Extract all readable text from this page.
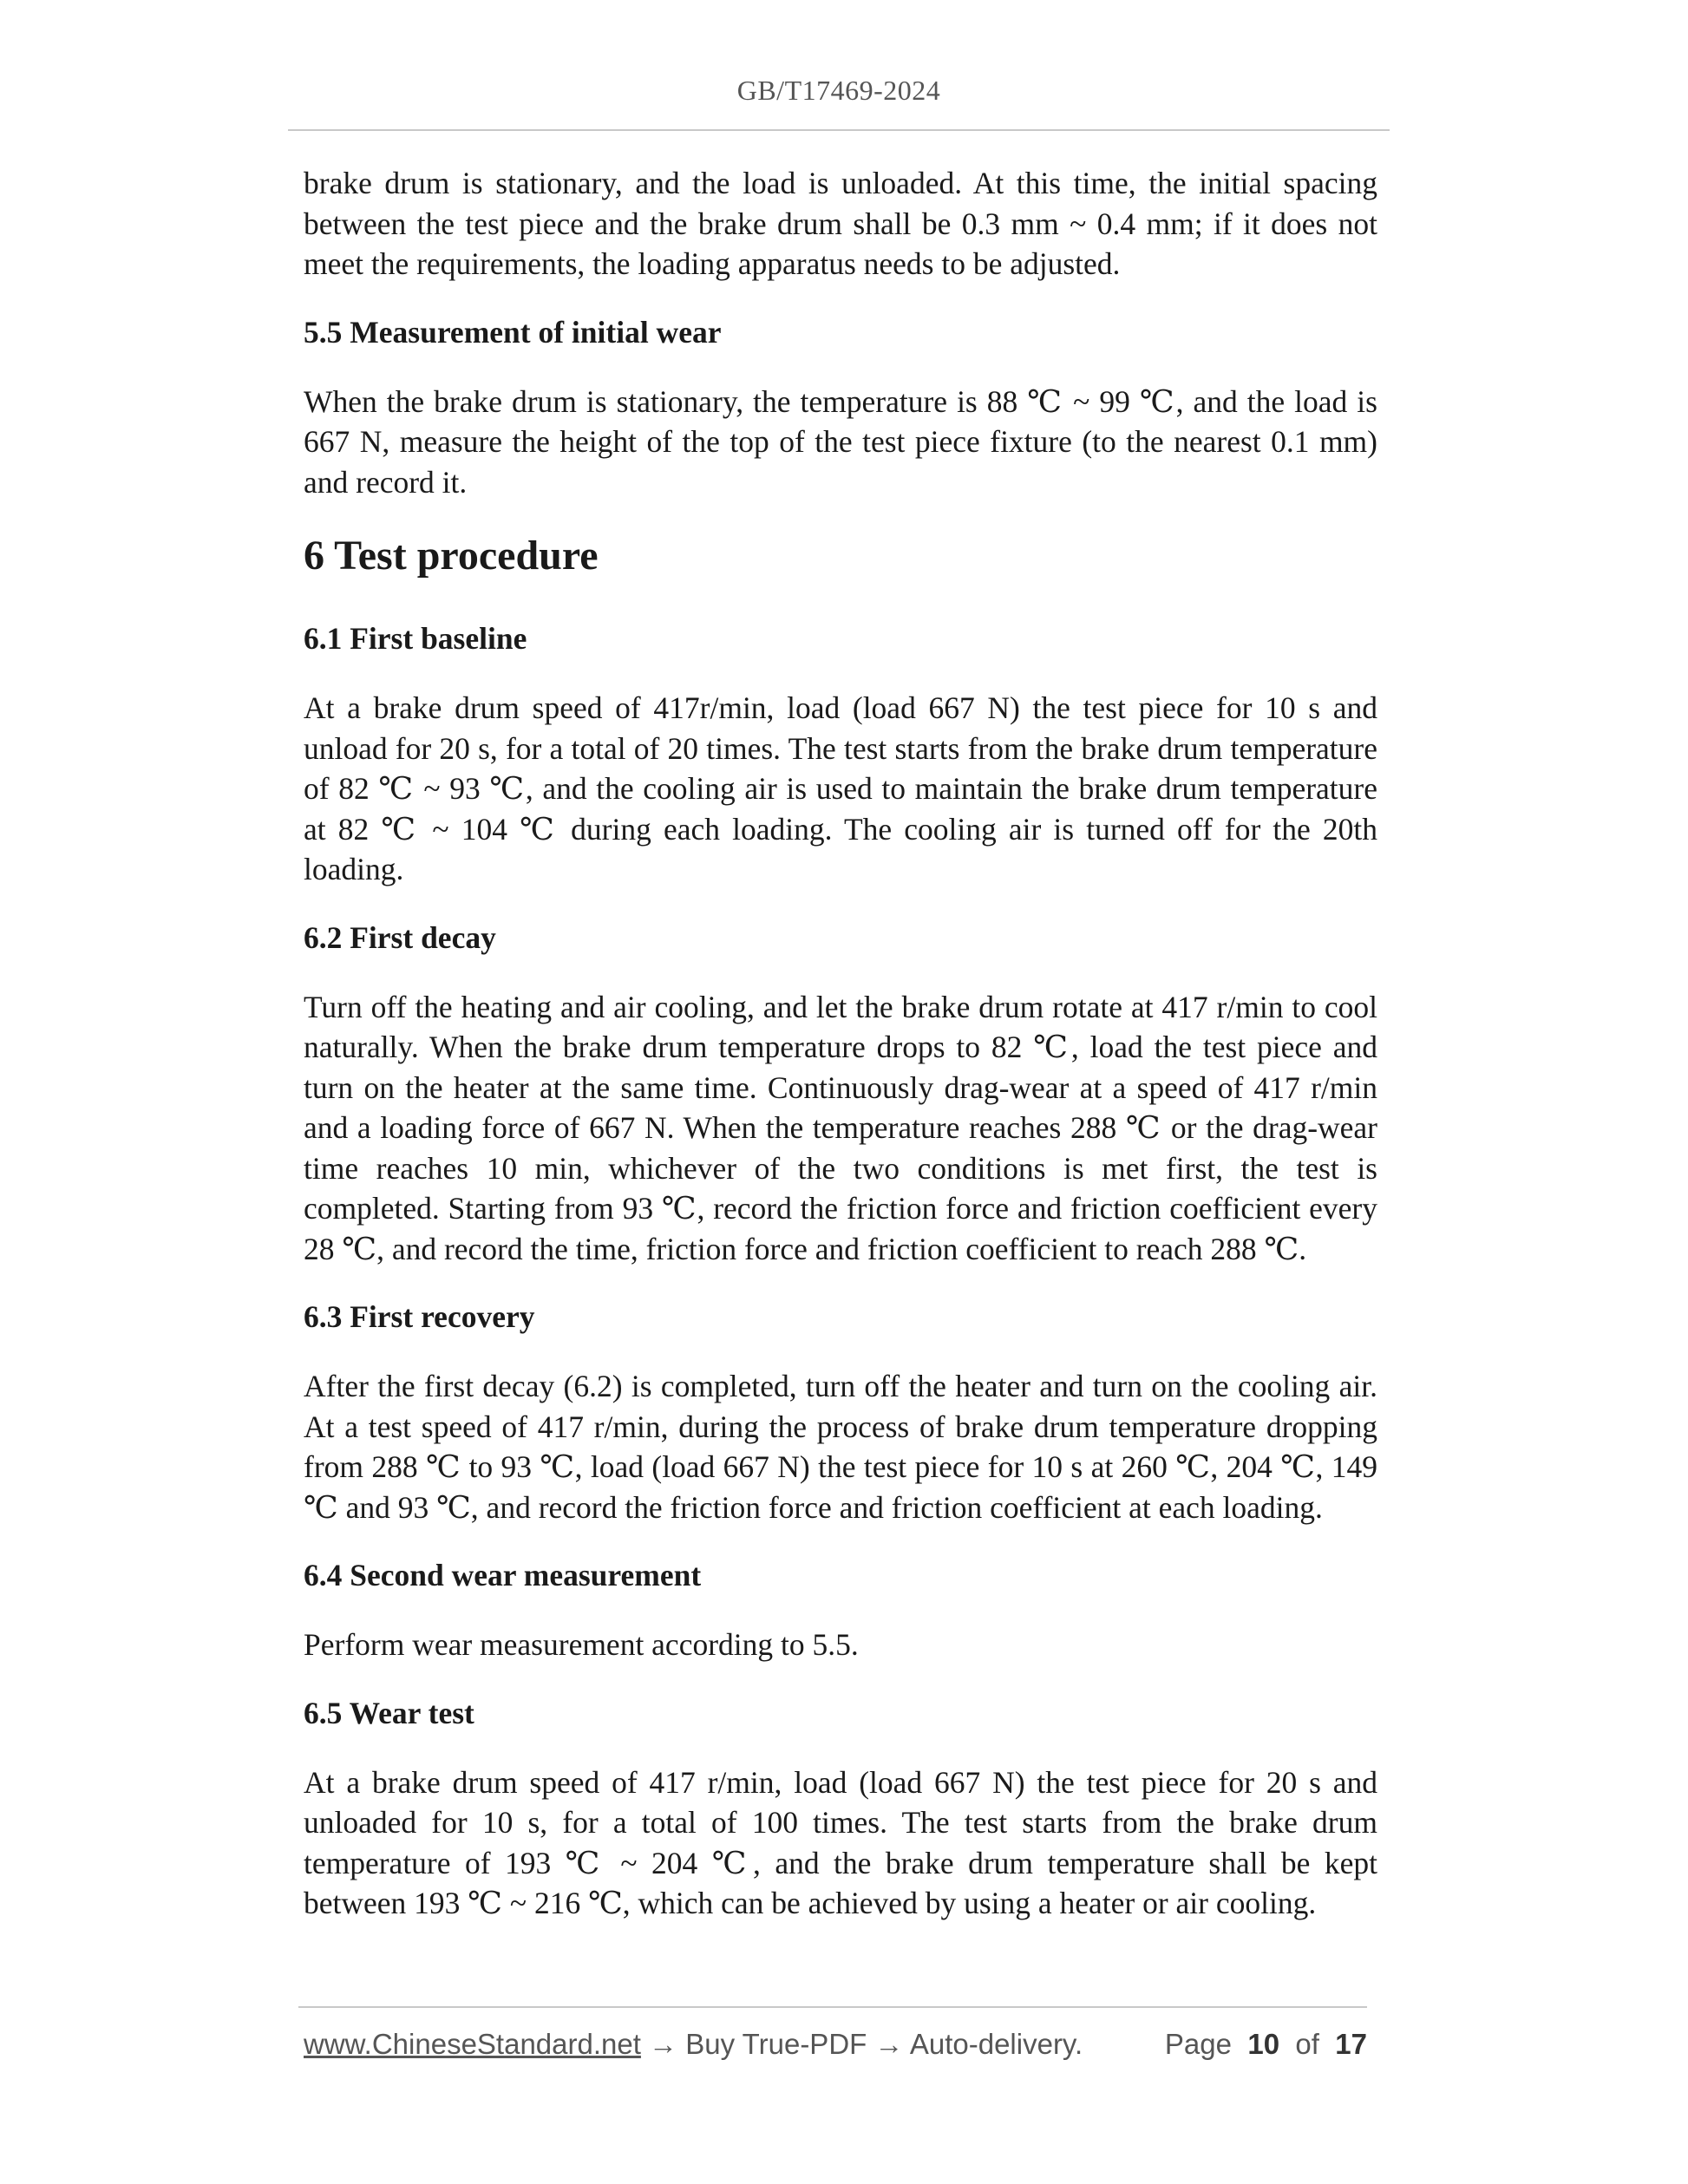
GB/T17469-2024

brake drum is stationary, and the load is unloaded. At this time, the initial spacing between the test piece and the brake drum shall be 0.3 mm ~ 0.4 mm; if it does not meet the requirements, the loading apparatus needs to be adjusted.

5.5 Measurement of initial wear

When the brake drum is stationary, the temperature is 88 ℃ ~ 99 ℃, and the load is 667 N, measure the height of the top of the test piece fixture (to the nearest 0.1 mm) and record it.

6 Test procedure

6.1 First baseline

At a brake drum speed of 417r/min, load (load 667 N) the test piece for 10 s and unload for 20 s, for a total of 20 times. The test starts from the brake drum temperature of 82 ℃ ~ 93 ℃, and the cooling air is used to maintain the brake drum temperature at 82 ℃ ~ 104 ℃ during each loading. The cooling air is turned off for the 20th loading.

6.2 First decay

Turn off the heating and air cooling, and let the brake drum rotate at 417 r/min to cool naturally. When the brake drum temperature drops to 82 ℃, load the test piece and turn on the heater at the same time. Continuously drag-wear at a speed of 417 r/min and a loading force of 667 N. When the temperature reaches 288 ℃ or the drag-wear time reaches 10 min, whichever of the two conditions is met first, the test is completed. Starting from 93 ℃, record the friction force and friction coefficient every 28 ℃, and record the time, friction force and friction coefficient to reach 288 ℃.

6.3 First recovery

After the first decay (6.2) is completed, turn off the heater and turn on the cooling air. At a test speed of 417 r/min, during the process of brake drum temperature dropping from 288 ℃ to 93 ℃, load (load 667 N) the test piece for 10 s at 260 ℃, 204 ℃, 149 ℃ and 93 ℃, and record the friction force and friction coefficient at each loading.

6.4 Second wear measurement

Perform wear measurement according to 5.5.

6.5 Wear test

At a brake drum speed of 417 r/min, load (load 667 N) the test piece for 20 s and unloaded for 10 s, for a total of 100 times. The test starts from the brake drum temperature of 193 ℃ ~ 204 ℃, and the brake drum temperature shall be kept between 193 ℃ ~ 216 ℃, which can be achieved by using a heater or air cooling.

www.ChineseStandard.net → Buy True-PDF → Auto-delivery.	Page 10 of 17
